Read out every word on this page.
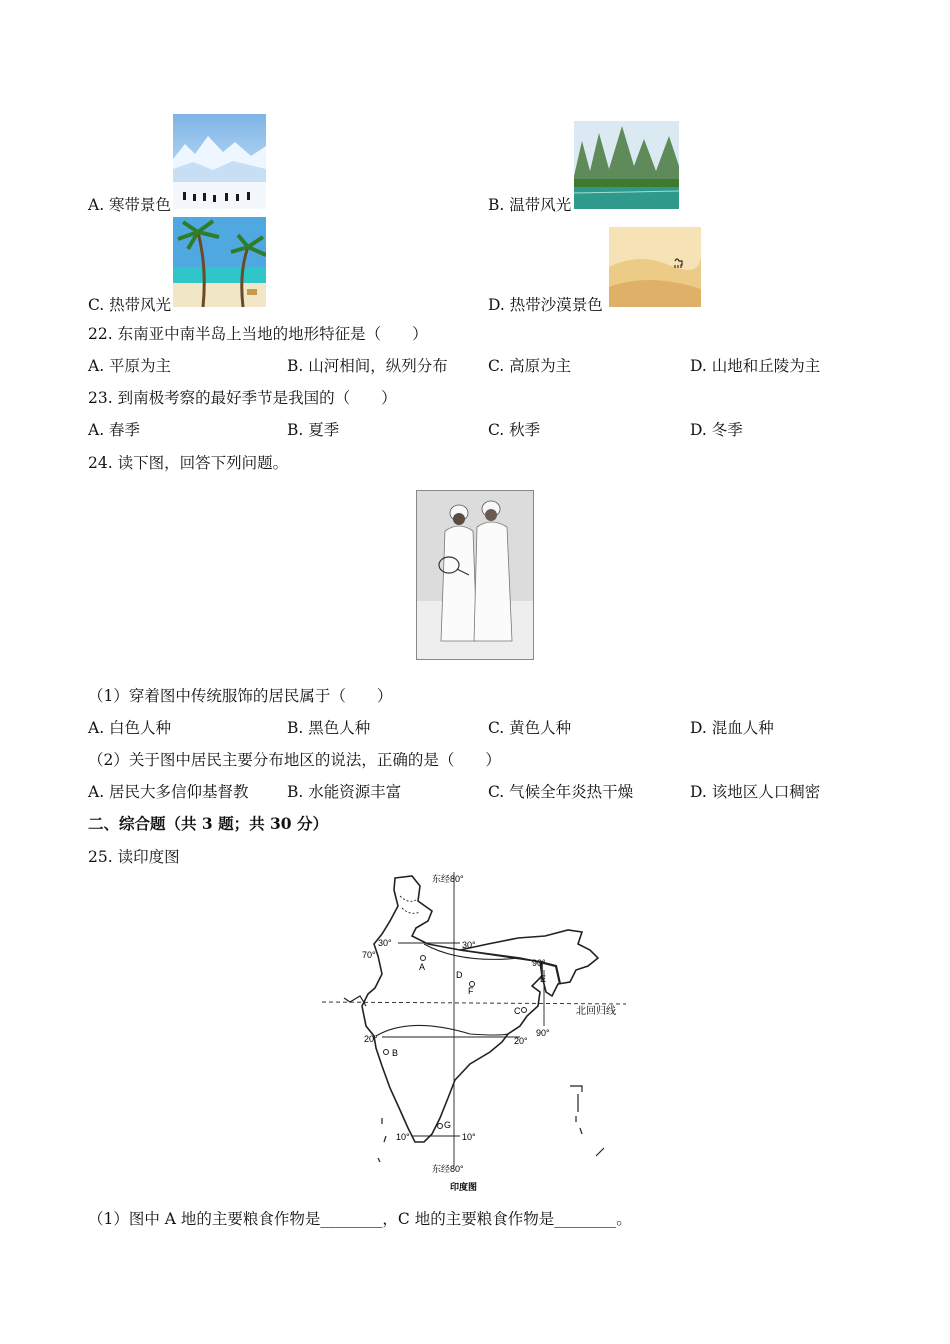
A. 寒带景色	B. 温带风光
C. 热带风光	D. 热带沙漠景色
22. 东南亚中南半岛上当地的地形特征是（　　）
A. 平原为主	B. 山河相间，纵列分布	C. 高原为主	D. 山地和丘陵为主
23. 到南极考察的最好季节是我国的（　　）
A. 春季	B. 夏季	C. 秋季	D. 冬季
24. 读下图，回答下列问题。
（1）穿着图中传统服饰的居民属于（　　）
A. 白色人种	B. 黑色人种	C. 黄色人种	D. 混血人种
（2）关于图中居民主要分布地区的说法，正确的是（　　）
A. 居民大多信仰基督教 B. 水能资源丰富	C. 气候全年炎热干燥	D. 该地区人口稠密
二、综合题（共 3 题；共 30 分）
25. 读印度图
东经80°
30°	30°
70°
A
D
F
90°
E
C	北回归线
90°
20°	20°
B
G
10°	10°
东经80°
印度图
（1）图中 A 地的主要粮食作物是________，C 地的主要粮食作物是________。
